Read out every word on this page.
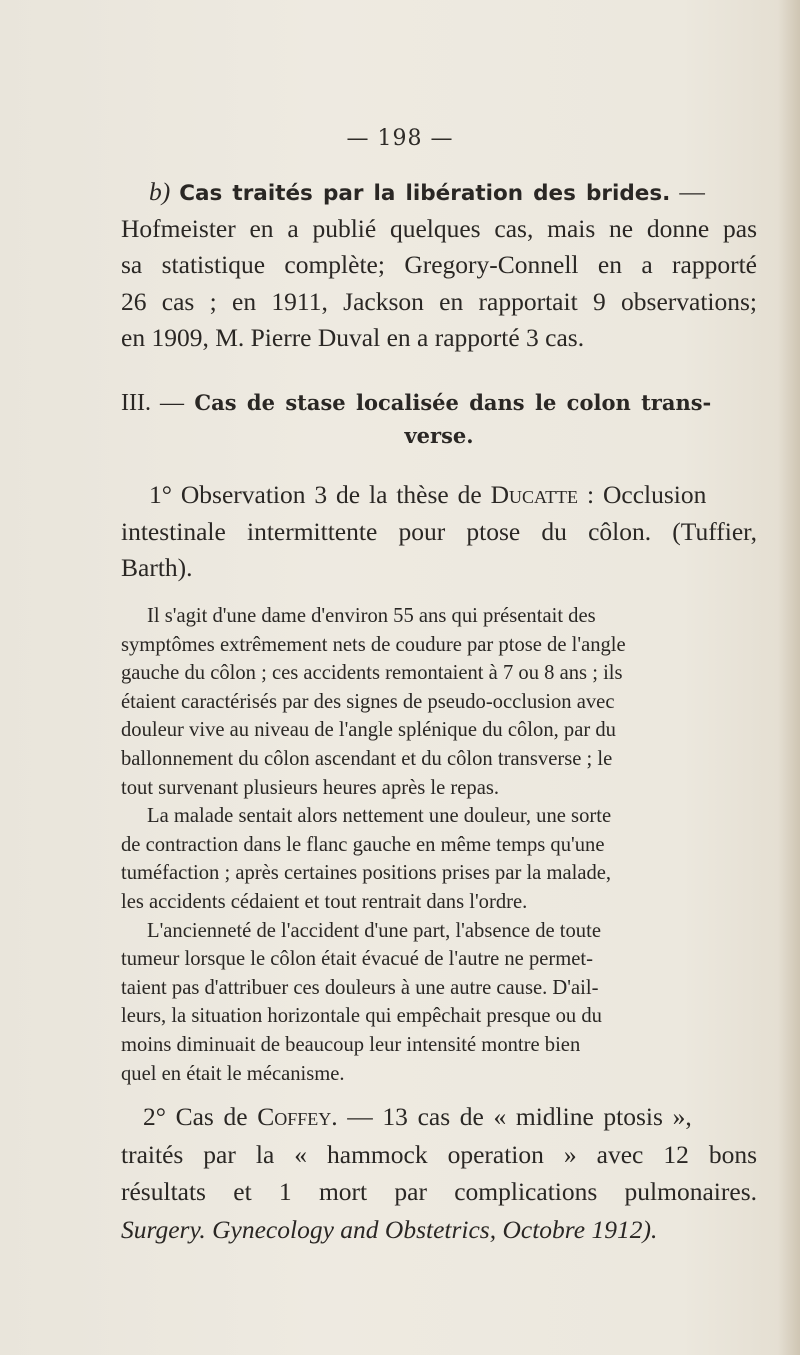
— 198 —
b) Cas traités par la libération des brides. —
Hofmeister en a publié quelques cas, mais ne donne pas
sa statistique complète; Gregory-Connell en a rapporté
26 cas ; en 1911, Jackson en rapportait 9 observations;
en 1909, M. Pierre Duval en a rapporté 3 cas.
III. — Cas de stase localisée dans le colon trans-
verse.
1° Observation 3 de la thèse de Ducatte : Occlusion
intestinale intermittente pour ptose du côlon. (Tuffier,
Barth).
Il s'agit d'une dame d'environ 55 ans qui présentait des
symptômes extrêmement nets de coudure par ptose de l'angle
gauche du côlon ; ces accidents remontaient à 7 ou 8 ans ; ils
étaient caractérisés par des signes de pseudo-occlusion avec
douleur vive au niveau de l'angle splénique du côlon, par du
ballonnement du côlon ascendant et du côlon transverse ; le
tout survenant plusieurs heures après le repas.
La malade sentait alors nettement une douleur, une sorte
de contraction dans le flanc gauche en même temps qu'une
tuméfaction ; après certaines positions prises par la malade,
les accidents cédaient et tout rentrait dans l'ordre.
L'ancienneté de l'accident d'une part, l'absence de toute
tumeur lorsque le côlon était évacué de l'autre ne permet-
taient pas d'attribuer ces douleurs à une autre cause. D'ail-
leurs, la situation horizontale qui empêchait presque ou du
moins diminuait de beaucoup leur intensité montre bien
quel en était le mécanisme.
2° Cas de Coffey. — 13 cas de « midline ptosis »,
traités par la « hammock operation » avec 12 bons
résultats et 1 mort par complications pulmonaires.
Surgery. Gynecology and Obstetrics, Octobre 1912).
